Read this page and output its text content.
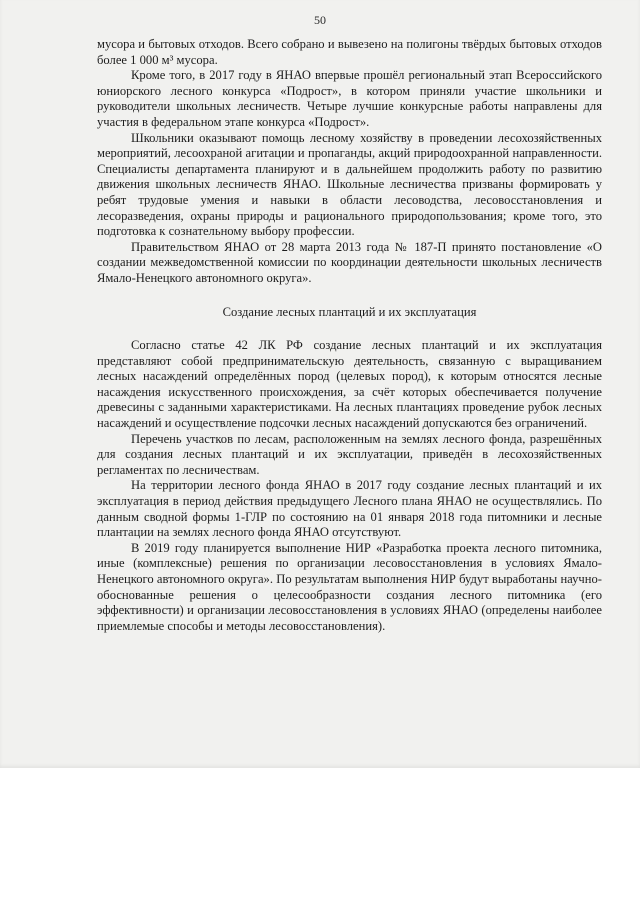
50

мусора и бытовых отходов. Всего собрано и вывезено на полигоны твёрдых бытовых отходов более 1 000 м³ мусора.

Кроме того, в 2017 году в ЯНАО впервые прошёл региональный этап Всероссийского юниорского лесного конкурса «Подрост», в котором приняли участие школьники и руководители школьных лесничеств. Четыре лучшие конкурсные работы направлены для участия в федеральном этапе конкурса «Подрост».

Школьники оказывают помощь лесному хозяйству в проведении лесохозяйственных мероприятий, лесоохраной агитации и пропаганды, акций природоохранной направленности. Специалисты департамента планируют и в дальнейшем продолжить работу по развитию движения школьных лесничеств ЯНАО. Школьные лесничества призваны формировать у ребят трудовые умения и навыки в области лесоводства, лесовосстановления и лесоразведения, охраны природы и рационального природопользования; кроме того, это подготовка к сознательному выбору профессии.

Правительством ЯНАО от 28 марта 2013 года № 187-П принято постановление «О создании межведомственной комиссии по координации деятельности школьных лесничеств Ямало-Ненецкого автономного округа».

Создание лесных плантаций и их эксплуатация

Согласно статье 42 ЛК РФ создание лесных плантаций и их эксплуатация представляют собой предпринимательскую деятельность, связанную с выращиванием лесных насаждений определённых пород (целевых пород), к которым относятся лесные насаждения искусственного происхождения, за счёт которых обеспечивается получение древесины с заданными характеристиками. На лесных плантациях проведение рубок лесных насаждений и осуществление подсочки лесных насаждений допускаются без ограничений.

Перечень участков по лесам, расположенным на землях лесного фонда, разрешённых для создания лесных плантаций и их эксплуатации, приведён в лесохозяйственных регламентах по лесничествам.

На территории лесного фонда ЯНАО в 2017 году создание лесных плантаций и их эксплуатация в период действия предыдущего Лесного плана ЯНАО не осуществлялись. По данным сводной формы 1-ГЛР по состоянию на 01 января 2018 года питомники и лесные плантации на землях лесного фонда ЯНАО отсутствуют.

В 2019 году планируется выполнение НИР «Разработка проекта лесного питомника, иные (комплексные) решения по организации лесовосстановления в условиях Ямало-Ненецкого автономного округа». По результатам выполнения НИР будут выработаны научно-обоснованные решения о целесообразности создания лесного питомника (его эффективности) и организации лесовосстановления в условиях ЯНАО (определены наиболее приемлемые способы и методы лесовосстановления).
